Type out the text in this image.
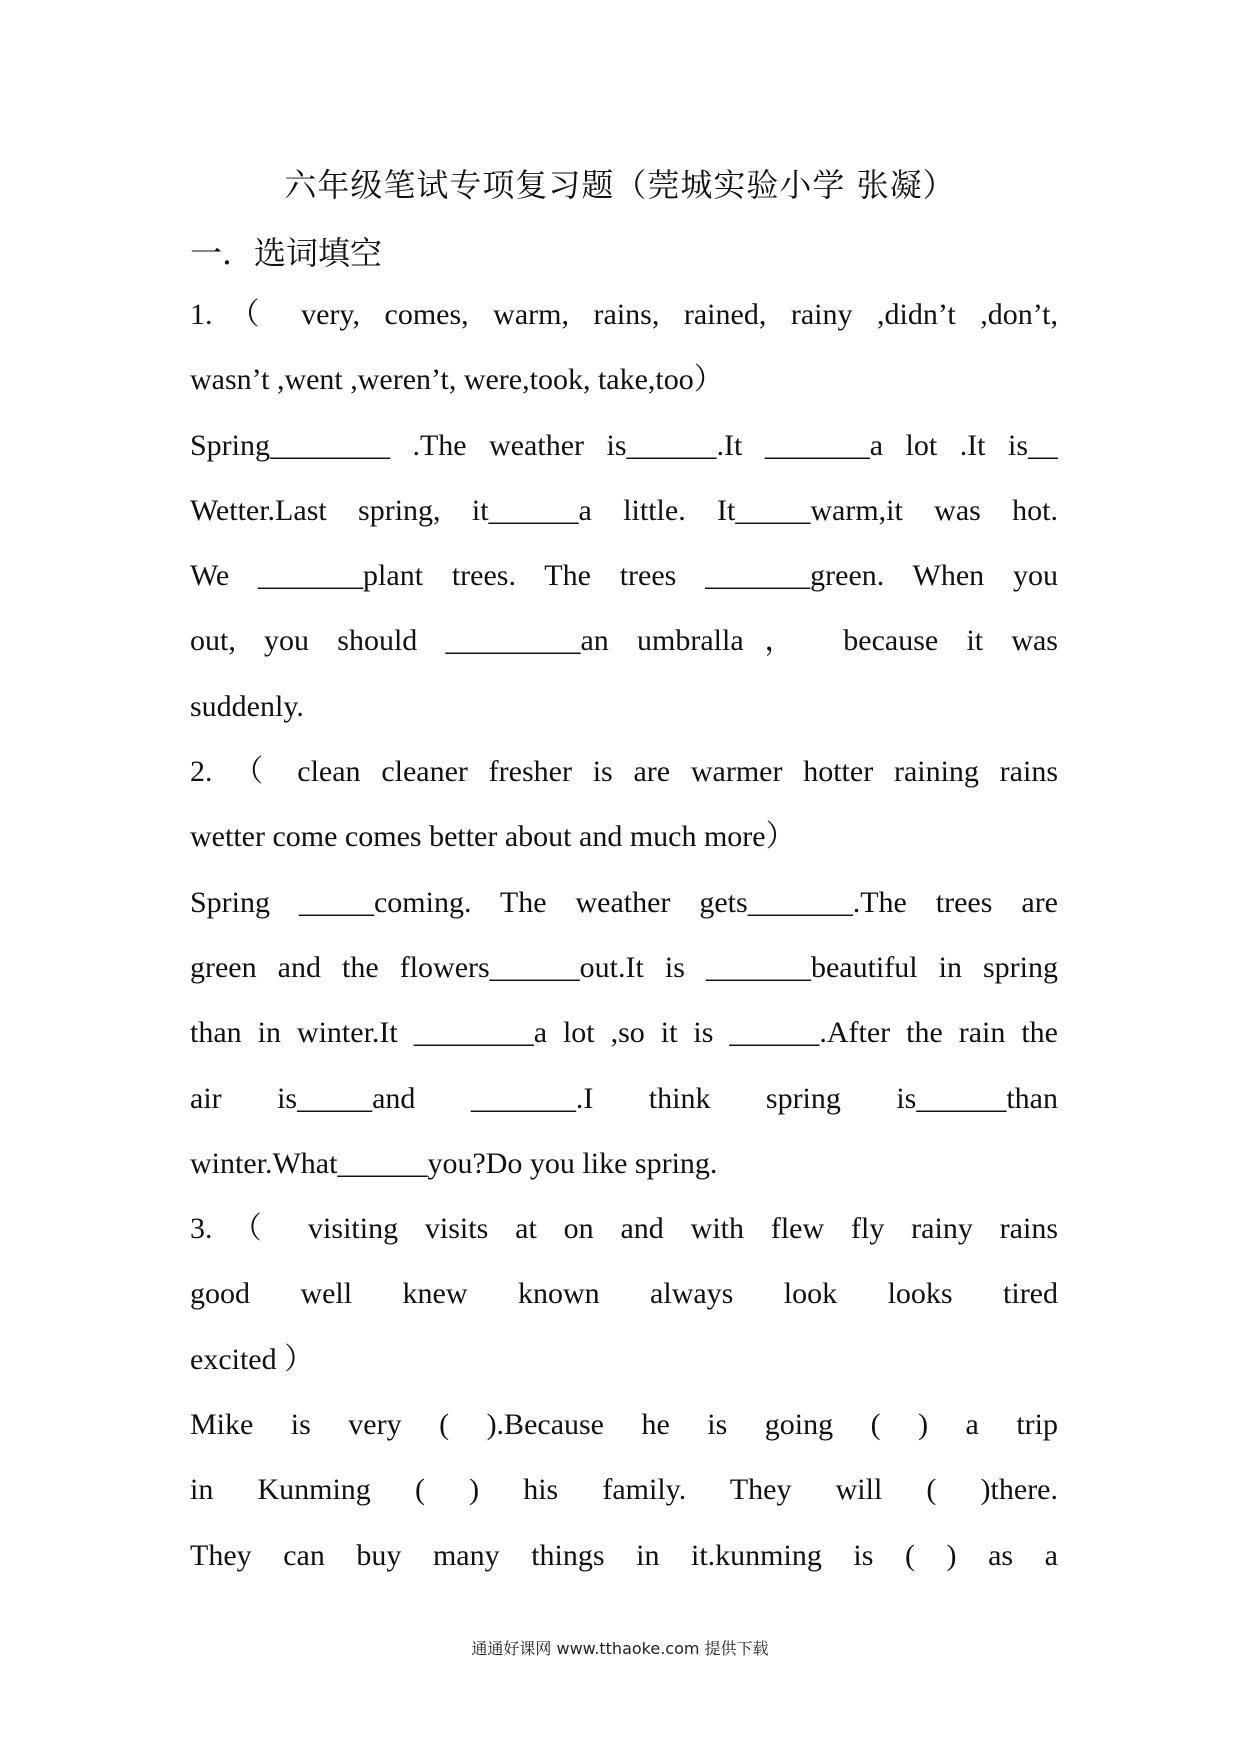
六年级笔试专项复习题（莞城实验小学 张凝）
一．选词填空
1.（ very, comes, warm, rains, rained, rainy ,didn’t ,don’t,
wasn’t ,went ,weren’t, were,took, take,too）
Spring________ .The weather is______.It _______a lot .It is__
Wetter.Last spring, it______a little. It_____warm,it was hot.
We _______plant trees. The trees _______green. When you
out, you should _________an umbralla， because it was
suddenly.
2. （ clean cleaner fresher is are warmer hotter raining rains
wetter come comes better about and much more）
Spring _____coming. The weather gets_______.The trees are
green and the flowers______out.It is _______beautiful in spring
than in winter.It ________a lot ,so it is ______.After the rain the
air is_____and _______.I think spring is______than
winter.What______you?Do you like spring.
3.（ visiting visits at on and with flew fly rainy rains
good well knew known always look looks tired
excited ）
Mike is very ( ).Because he is going ( ) a trip
in Kunming ( ) his family. They will ( )there.
They can buy many things in it.kunming is ( ) as a
通通好课网 www.tthaoke.com 提供下载
